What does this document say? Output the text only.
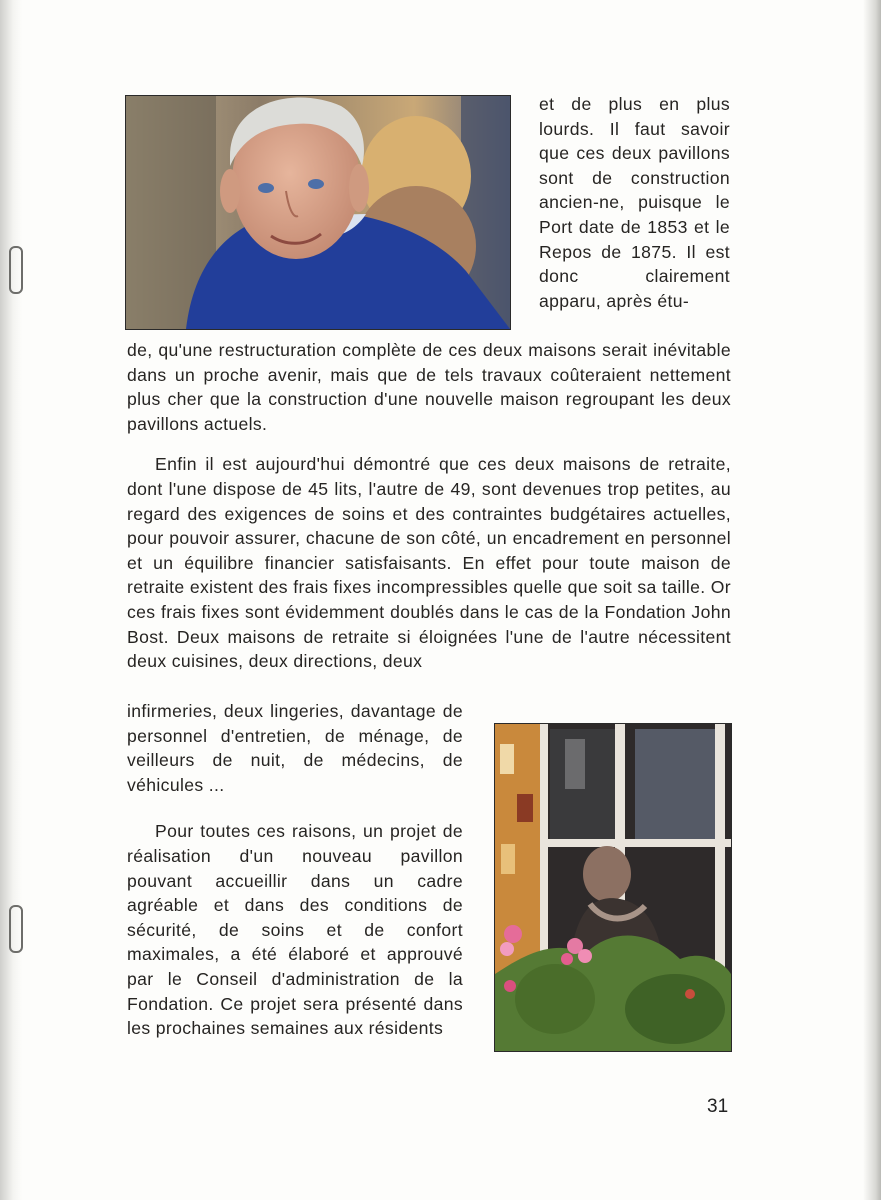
et de plus en plus lourds. Il faut savoir que ces deux pavillons sont de construction ancien-ne, puisque le Port date de 1853 et le Repos de 1875. Il est donc clairement apparu, après étu-

de, qu'une restructuration complète de ces deux maisons serait inévitable dans un proche avenir, mais que de tels travaux coûteraient nettement plus cher que la construction d'une nouvelle maison regroupant les deux pavillons actuels.

Enfin il est aujourd'hui démontré que ces deux maisons de retraite, dont l'une dispose de 45 lits, l'autre de 49, sont devenues trop petites, au regard des exigences de soins et des contraintes budgétaires actuelles, pour pouvoir assurer, chacune de son côté, un encadrement en personnel et un équilibre financier satisfaisants. En effet pour toute maison de retraite existent des frais fixes incompressibles quelle que soit sa taille. Or ces frais fixes sont évidemment doublés dans le cas de la Fondation John Bost. Deux maisons de retraite si éloignées l'une de l'autre nécessitent deux cuisines, deux directions, deux

infirmeries, deux lingeries, davantage de personnel d'entretien, de ménage, de veilleurs de nuit, de médecins, de véhicules ...

Pour toutes ces raisons, un projet de réalisation d'un nouveau pavillon pouvant accueillir dans un cadre agréable et dans des conditions de sécurité, de soins et de confort maximales, a été élaboré et approuvé par le Conseil d'administration de la Fondation. Ce projet sera présenté dans les prochaines semaines aux résidents

31
